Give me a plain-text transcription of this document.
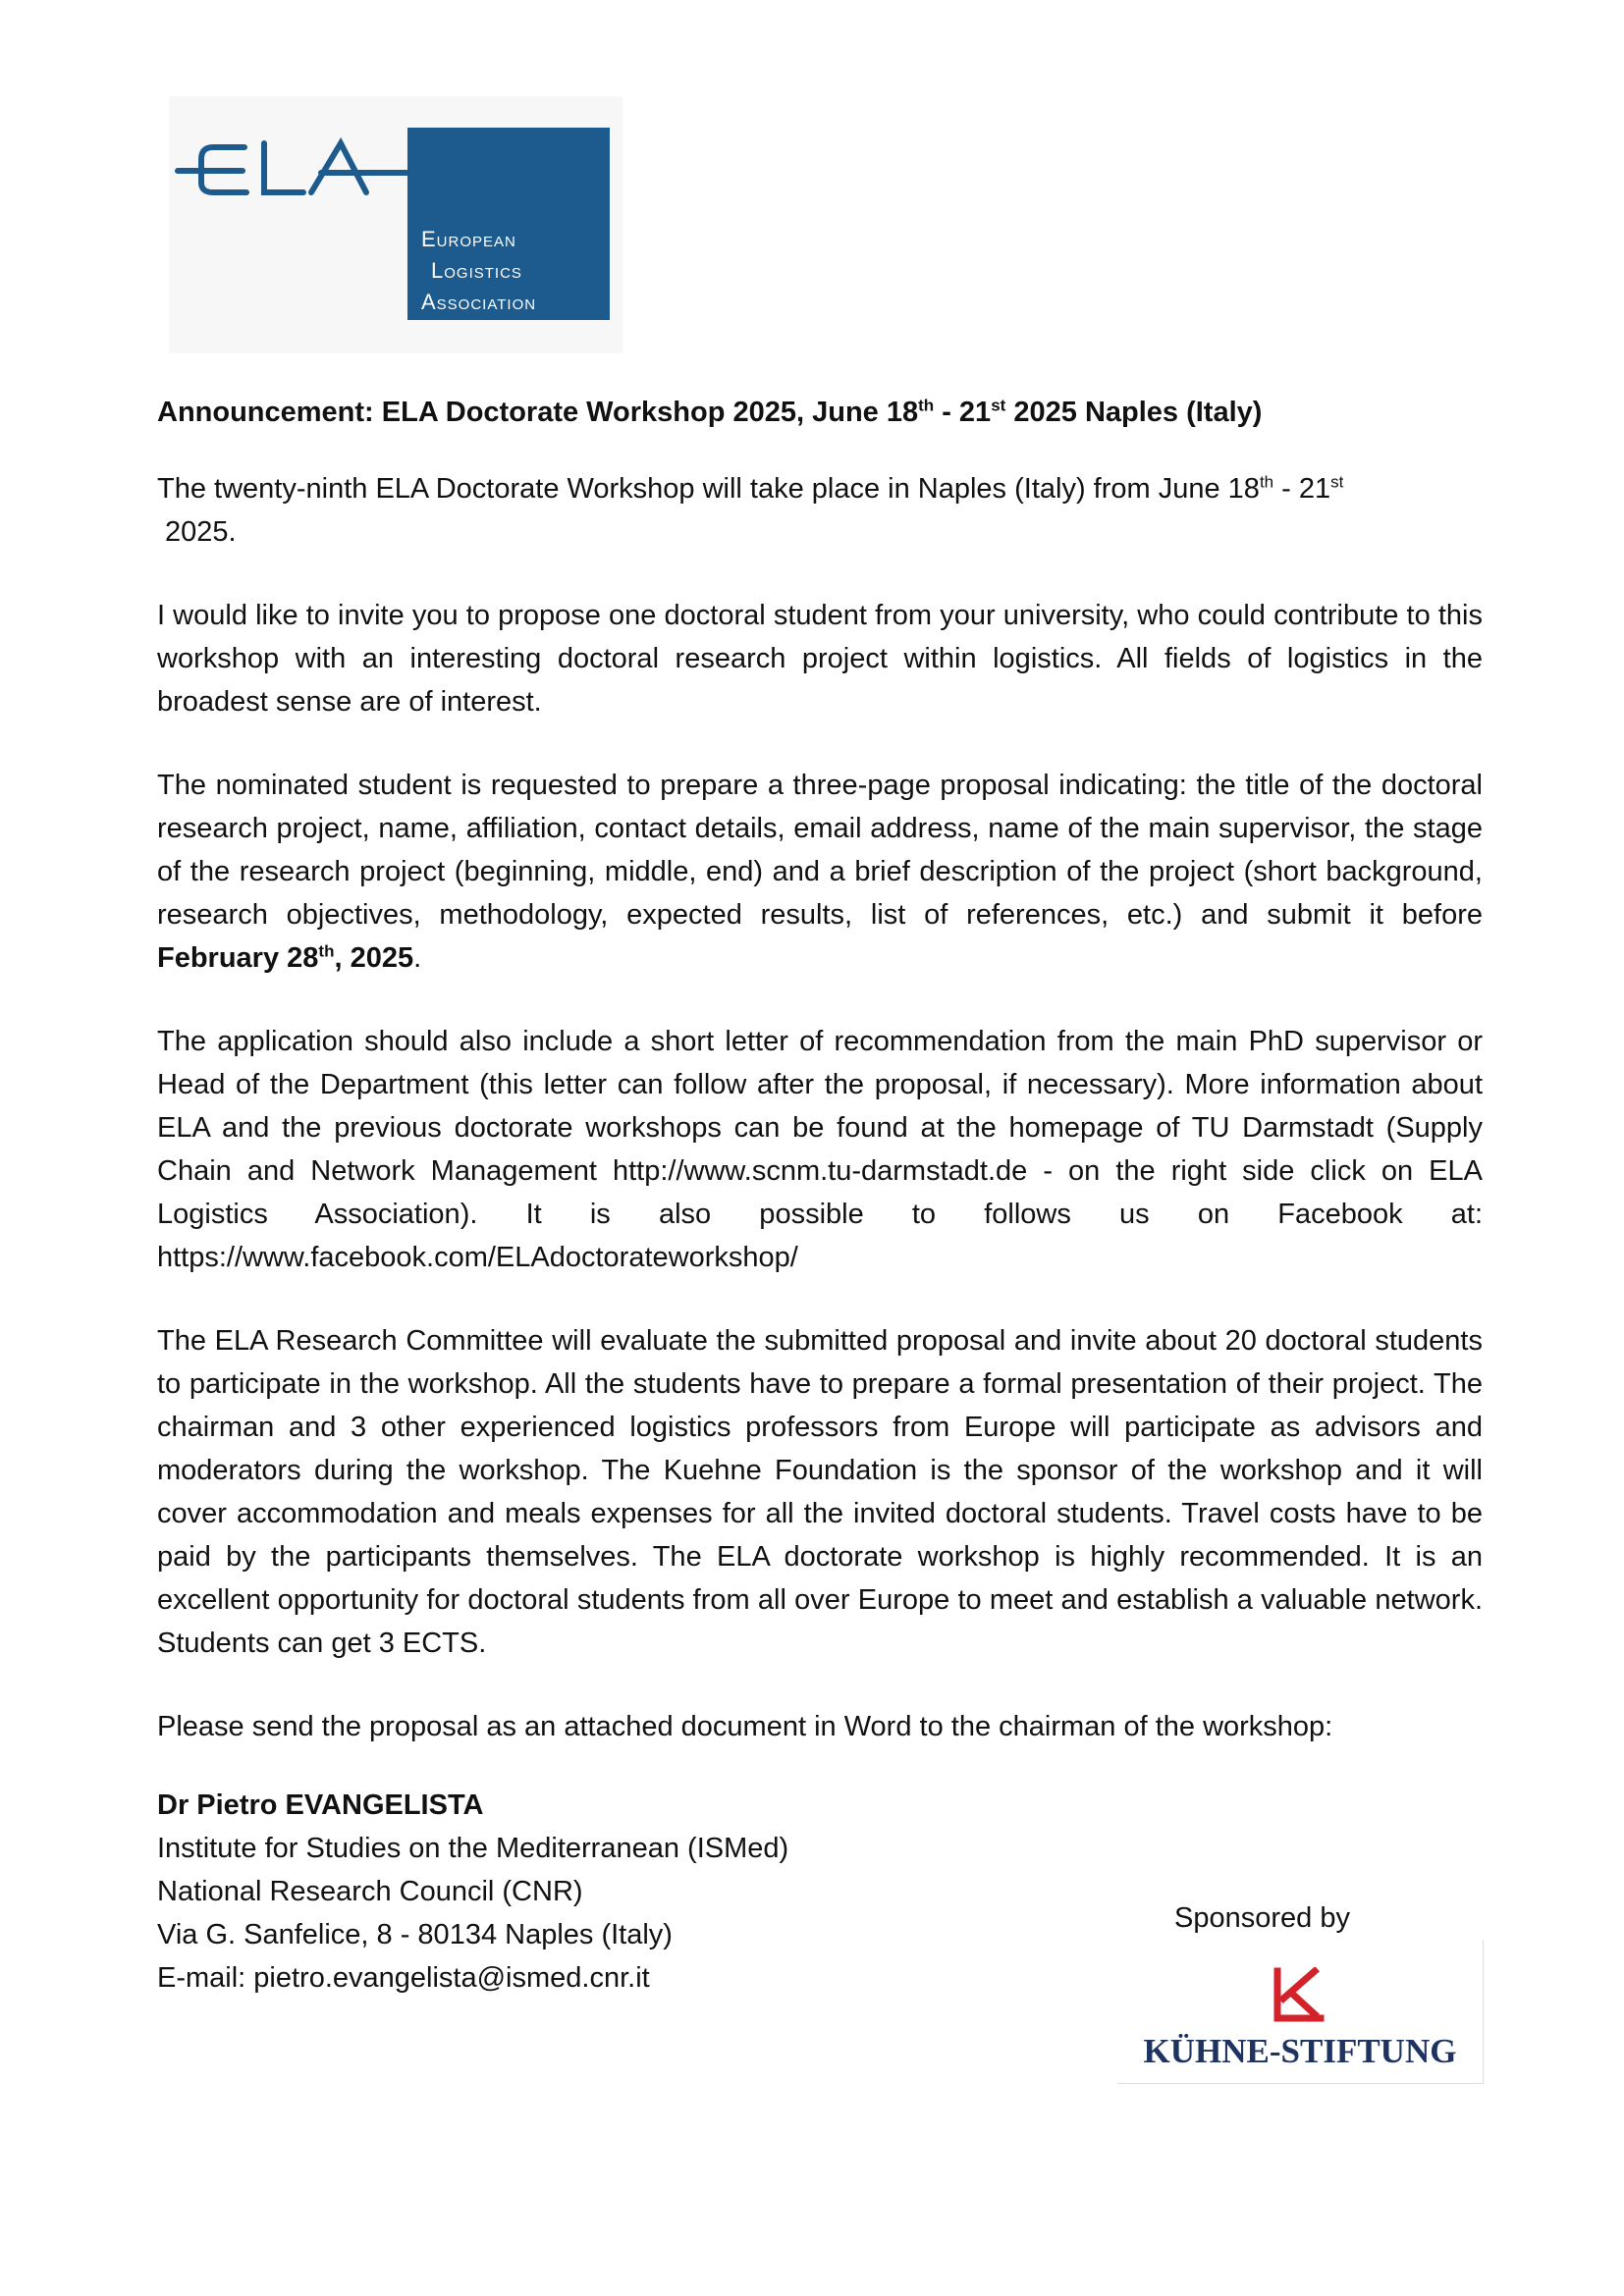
European
Logistics
Association
Announcement: ELA Doctorate Workshop 2025, June 18th - 21st 2025 Naples (Italy)
The twenty-ninth ELA Doctorate Workshop will take place in Naples (Italy) from June 18th - 21st
2025.
I would like to invite you to propose one doctoral student from your university, who could contribute to this workshop with an interesting doctoral research project within logistics. All fields of logistics in the broadest sense are of interest.
The nominated student is requested to prepare a three-page proposal indicating: the title of the doctoral research project, name, affiliation, contact details, email address, name of the main supervisor, the stage of the research project (beginning, middle, end) and a brief description of the project (short background, research objectives, methodology, expected results, list of references, etc.) and submit it before February 28th, 2025.
The application should also include a short letter of recommendation from the main PhD supervisor or Head of the Department (this letter can follow after the proposal, if necessary). More information about ELA and the previous doctorate workshops can be found at the homepage of TU Darmstadt (Supply Chain and Network Management http://www.scnm.tu-darmstadt.de - on the right side click on ELA Logistics Association). It is also possible to follows us on Facebook at: https://www.facebook.com/ELAdoctorateworkshop/
The ELA Research Committee will evaluate the submitted proposal and invite about 20 doctoral students to participate in the workshop. All the students have to prepare a formal presentation of their project. The chairman and 3 other experienced logistics professors from Europe will participate as advisors and moderators during the workshop. The Kuehne Foundation is the sponsor of the workshop and it will cover accommodation and meals expenses for all the invited doctoral students. Travel costs have to be paid by the participants themselves. The ELA doctorate workshop is highly recommended. It is an excellent opportunity for doctoral students from all over Europe to meet and establish a valuable network. Students can get 3 ECTS.
Please send the proposal as an attached document in Word to the chairman of the workshop:
Dr Pietro EVANGELISTA
Institute for Studies on the Mediterranean (ISMed)
National Research Council (CNR)
Via G. Sanfelice, 8 - 80134 Naples (Italy)
E-mail: pietro.evangelista@ismed.cnr.it
Sponsored by
KÜHNE-STIFTUNG
